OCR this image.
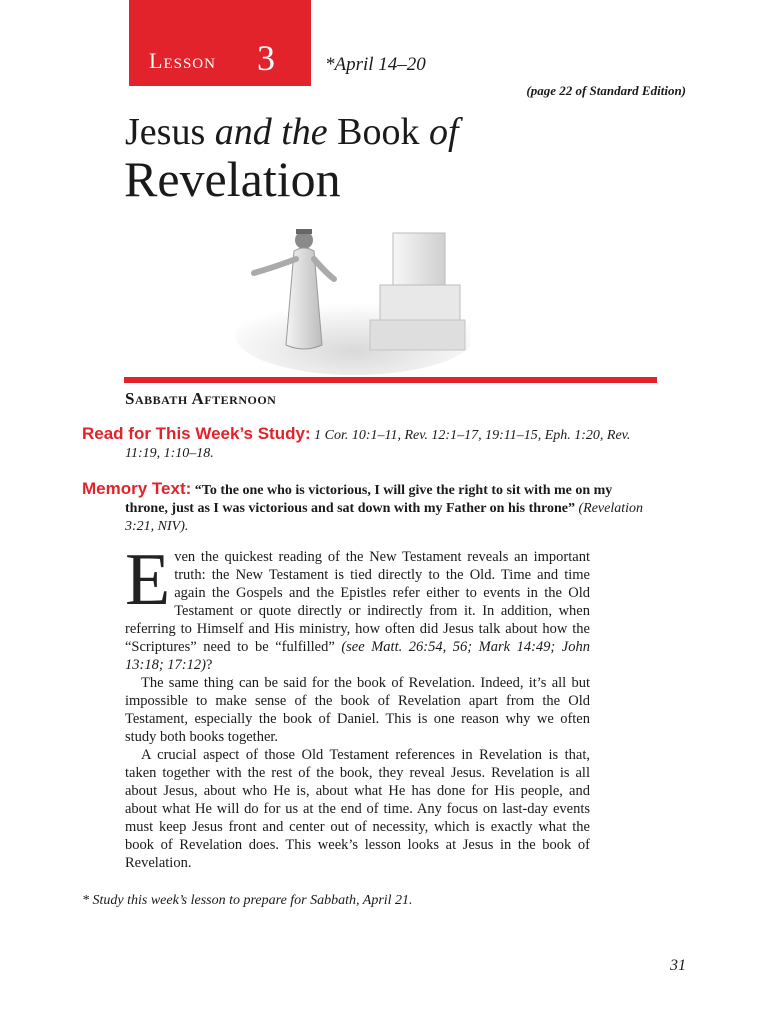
Lesson 3	*April 14–20
(page 22 of Standard Edition)
Jesus and the Book of
Revelation
Sabbath Afternoon
Read for This Week’s Study: 1 Cor. 10:1–11, Rev. 12:1–17, 19:11–15, Eph. 1:20, Rev. 11:19, 1:10–18.
Memory Text: “To the one who is victorious, I will give the right to sit with me on my throne, just as I was victorious and sat down with my Father on his throne” (Revelation 3:21, NIV).

Even the quickest reading of the New Testament reveals an important truth: the New Testament is tied directly to the Old. Time and time again the Gospels and the Epistles refer either to events in the Old Testament or quote directly or indirectly from it. In addition, when referring to Himself and His ministry, how often did Jesus talk about how the “Scriptures” need to be “fulfilled” (see Matt. 26:54, 56; Mark 14:49; John 13:18; 17:12)?

The same thing can be said for the book of Revelation. Indeed, it’s all but impossible to make sense of the book of Revelation apart from the Old Testament, especially the book of Daniel. This is one reason why we often study both books together.

A crucial aspect of those Old Testament references in Revelation is that, taken together with the rest of the book, they reveal Jesus. Revelation is all about Jesus, about who He is, about what He has done for His people, and about what He will do for us at the end of time. Any focus on last-day events must keep Jesus front and center out of necessity, which is exactly what the book of Revelation does. This week’s lesson looks at Jesus in the book of Revelation.

* Study this week’s lesson to prepare for Sabbath, April 21.
31
